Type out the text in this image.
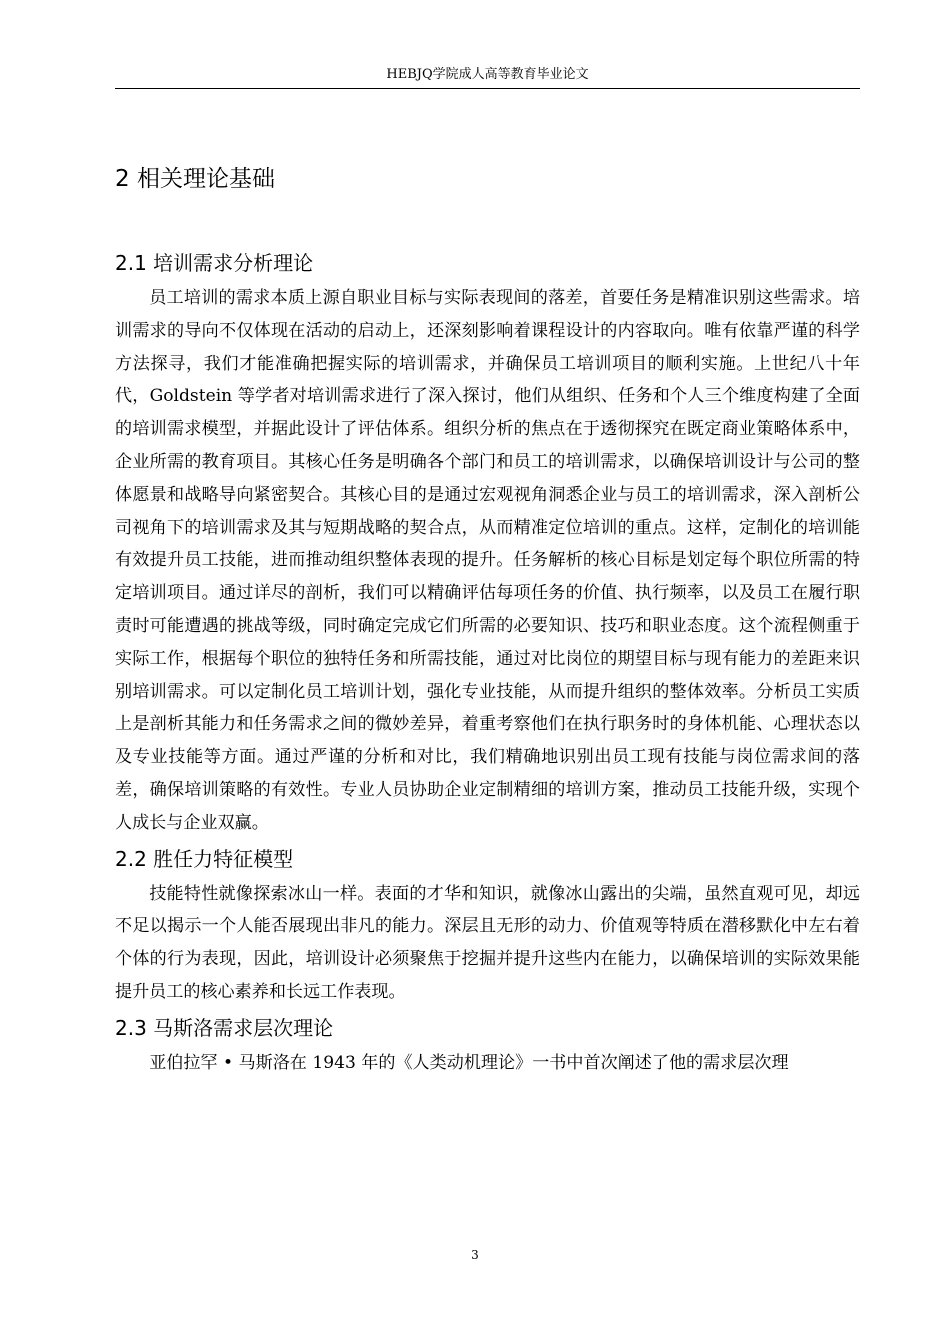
HEBJQ学院成人高等教育毕业论文
2 相关理论基础
2.1 培训需求分析理论

员工培训的需求本质上源自职业目标与实际表现间的落差，首要任务是精准识别这些需求。培训需求的导向不仅体现在活动的启动上，还深刻影响着课程设计的内容取向。唯有依靠严谨的科学方法探寻，我们才能准确把握实际的培训需求，并确保员工培训项目的顺利实施。上世纪八十年代，Goldstein 等学者对培训需求进行了深入探讨，他们从组织、任务和个人三个维度构建了全面的培训需求模型，并据此设计了评估体系。组织分析的焦点在于透彻探究在既定商业策略体系中，企业所需的教育项目。其核心任务是明确各个部门和员工的培训需求，以确保培训设计与公司的整体愿景和战略导向紧密契合。其核心目的是通过宏观视角洞悉企业与员工的培训需求，深入剖析公司视角下的培训需求及其与短期战略的契合点，从而精准定位培训的重点。这样，定制化的培训能有效提升员工技能，进而推动组织整体表现的提升。任务解析的核心目标是划定每个职位所需的特定培训项目。通过详尽的剖析，我们可以精确评估每项任务的价值、执行频率，以及员工在履行职责时可能遭遇的挑战等级，同时确定完成它们所需的必要知识、技巧和职业态度。这个流程侧重于实际工作，根据每个职位的独特任务和所需技能，通过对比岗位的期望目标与现有能力的差距来识别培训需求。可以定制化员工培训计划，强化专业技能，从而提升组织的整体效率。分析员工实质上是剖析其能力和任务需求之间的微妙差异，着重考察他们在执行职务时的身体机能、心理状态以及专业技能等方面。通过严谨的分析和对比，我们精确地识别出员工现有技能与岗位需求间的落差，确保培训策略的有效性。专业人员协助企业定制精细的培训方案，推动员工技能升级，实现个人成长与企业双赢。

2.2 胜任力特征模型

技能特性就像探索冰山一样。表面的才华和知识，就像冰山露出的尖端，虽然直观可见，却远不足以揭示一个人能否展现出非凡的能力。深层且无形的动力、价值观等特质在潜移默化中左右着个体的行为表现，因此，培训设计必须聚焦于挖掘并提升这些内在能力，以确保培训的实际效果能提升员工的核心素养和长远工作表现。

2.3 马斯洛需求层次理论

亚伯拉罕 • 马斯洛在 1943 年的《人类动机理论》一书中首次阐述了他的需求层次理

3
